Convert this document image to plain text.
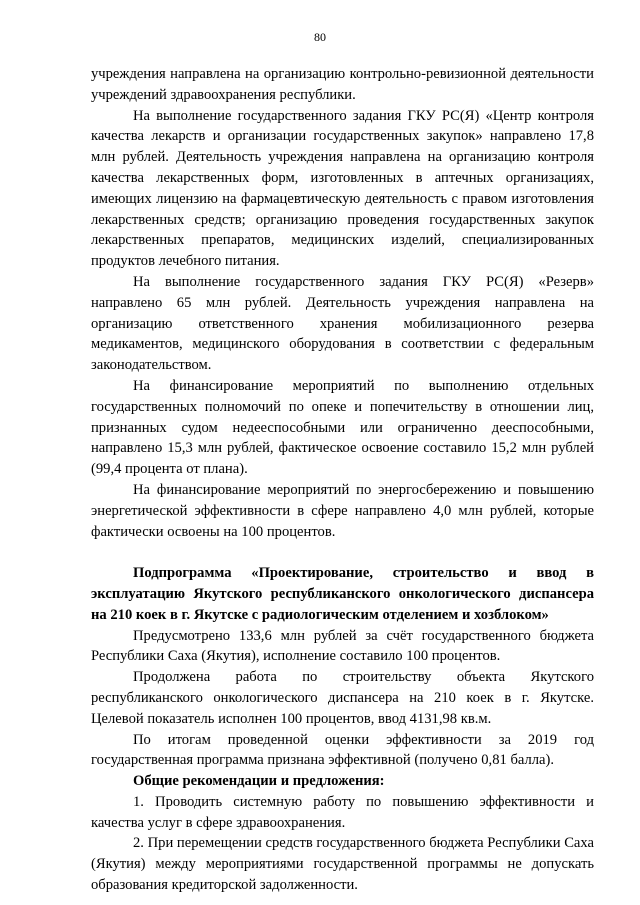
80

учреждения направлена на организацию контрольно-ревизионной деятельности учреждений здравоохранения республики.

На выполнение государственного задания ГКУ РС(Я) «Центр контроля качества лекарств и организации государственных закупок» направлено 17,8 млн рублей. Деятельность учреждения направлена на организацию контроля качества лекарственных форм, изготовленных в аптечных организациях, имеющих лицензию на фармацевтическую деятельность с правом изготовления лекарственных средств; организацию проведения государственных закупок лекарственных препаратов, медицинских изделий, специализированных продуктов лечебного питания.

На выполнение государственного задания ГКУ РС(Я) «Резерв» направлено 65 млн рублей. Деятельность учреждения направлена на организацию ответственного хранения мобилизационного резерва медикаментов, медицинского оборудования в соответствии с федеральным законодательством.

На финансирование мероприятий по выполнению отдельных государственных полномочий по опеке и попечительству в отношении лиц, признанных судом недееспособными или ограниченно дееспособными, направлено 15,3 млн рублей, фактическое освоение составило 15,2 млн рублей (99,4 процента от плана).

На финансирование мероприятий по энергосбережению и повышению энергетической эффективности в сфере направлено 4,0 млн рублей, которые фактически освоены на 100 процентов.

Подпрограмма «Проектирование, строительство и ввод в эксплуатацию Якутского республиканского онкологического диспансера на 210 коек в г. Якутске с радиологическим отделением и хозблоком»

Предусмотрено 133,6 млн рублей за счёт государственного бюджета Республики Саха (Якутия), исполнение составило 100 процентов.

Продолжена работа по строительству объекта Якутского республиканского онкологического диспансера на 210 коек в г. Якутске. Целевой показатель исполнен 100 процентов, ввод 4131,98 кв.м.

По итогам проведенной оценки эффективности за 2019 год государственная программа признана эффективной (получено 0,81 балла).

Общие рекомендации и предложения:

1. Проводить системную работу по повышению эффективности и качества услуг в сфере здравоохранения.

2. При перемещении средств государственного бюджета Республики Саха (Якутия) между мероприятиями государственной программы не допускать образования кредиторской задолженности.
